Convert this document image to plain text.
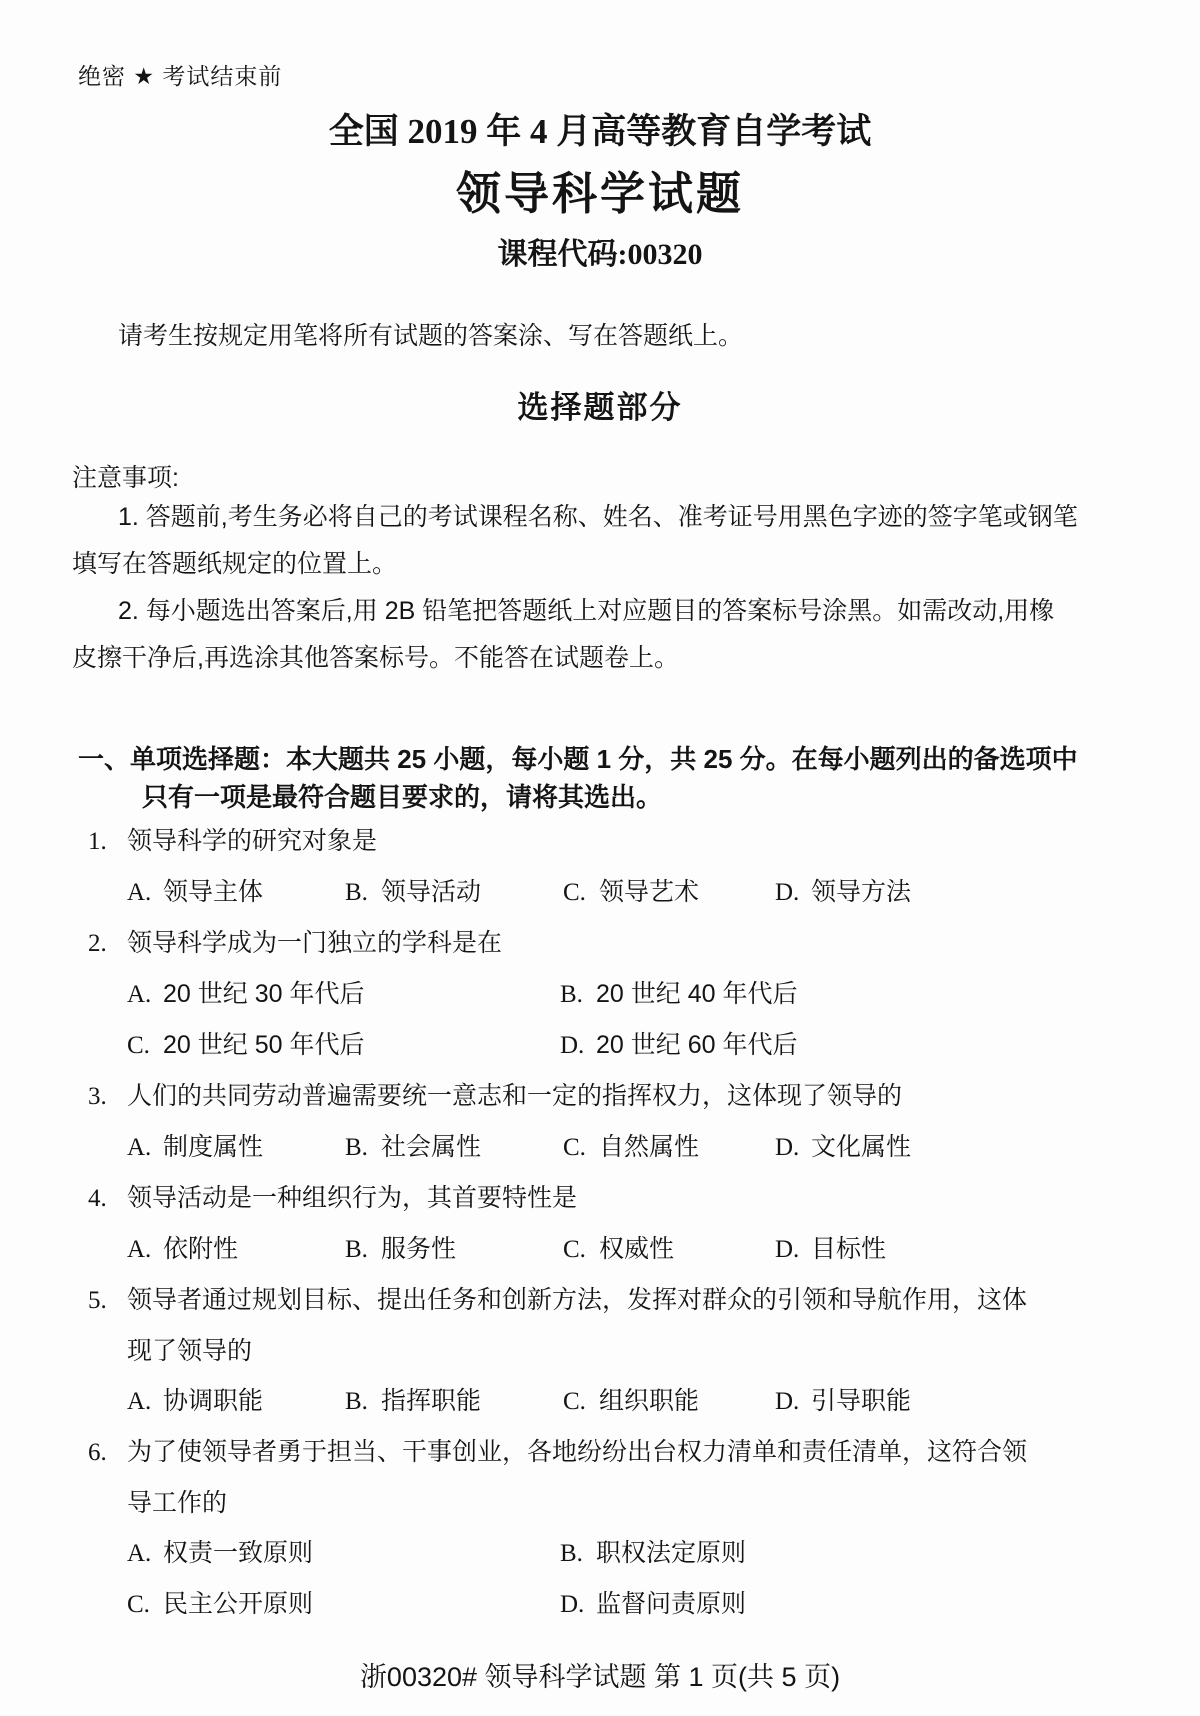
绝密 ★ 考试结束前
全国 2019 年 4 月高等教育自学考试
领导科学试题
课程代码:00320
请考生按规定用笔将所有试题的答案涂、写在答题纸上。
选择题部分
注意事项:
1. 答题前,考生务必将自己的考试课程名称、姓名、准考证号用黑色字迹的签字笔或钢笔
填写在答题纸规定的位置上。
2. 每小题选出答案后,用 2B 铅笔把答题纸上对应题目的答案标号涂黑。如需改动,用橡
皮擦干净后,再选涂其他答案标号。不能答在试题卷上。
一、单项选择题：本大题共 25 小题，每小题 1 分，共 25 分。在每小题列出的备选项中
只有一项是最符合题目要求的，请将其选出。
1. 领导科学的研究对象是
A. 领导主体	B. 领导活动	C. 领导艺术	D. 领导方法
2. 领导科学成为一门独立的学科是在
A. 20 世纪 30 年代后	B. 20 世纪 40 年代后
C. 20 世纪 50 年代后	D. 20 世纪 60 年代后
3. 人们的共同劳动普遍需要统一意志和一定的指挥权力，这体现了领导的
A. 制度属性	B. 社会属性	C. 自然属性	D. 文化属性
4. 领导活动是一种组织行为，其首要特性是
A. 依附性	B. 服务性	C. 权威性	D. 目标性
5. 领导者通过规划目标、提出任务和创新方法，发挥对群众的引领和导航作用，这体
现了领导的
A. 协调职能	B. 指挥职能	C. 组织职能	D. 引导职能
6. 为了使领导者勇于担当、干事创业，各地纷纷出台权力清单和责任清单，这符合领
导工作的
A. 权责一致原则	B. 职权法定原则
C. 民主公开原则	D. 监督问责原则
浙00320# 领导科学试题 第 1 页(共 5 页)
